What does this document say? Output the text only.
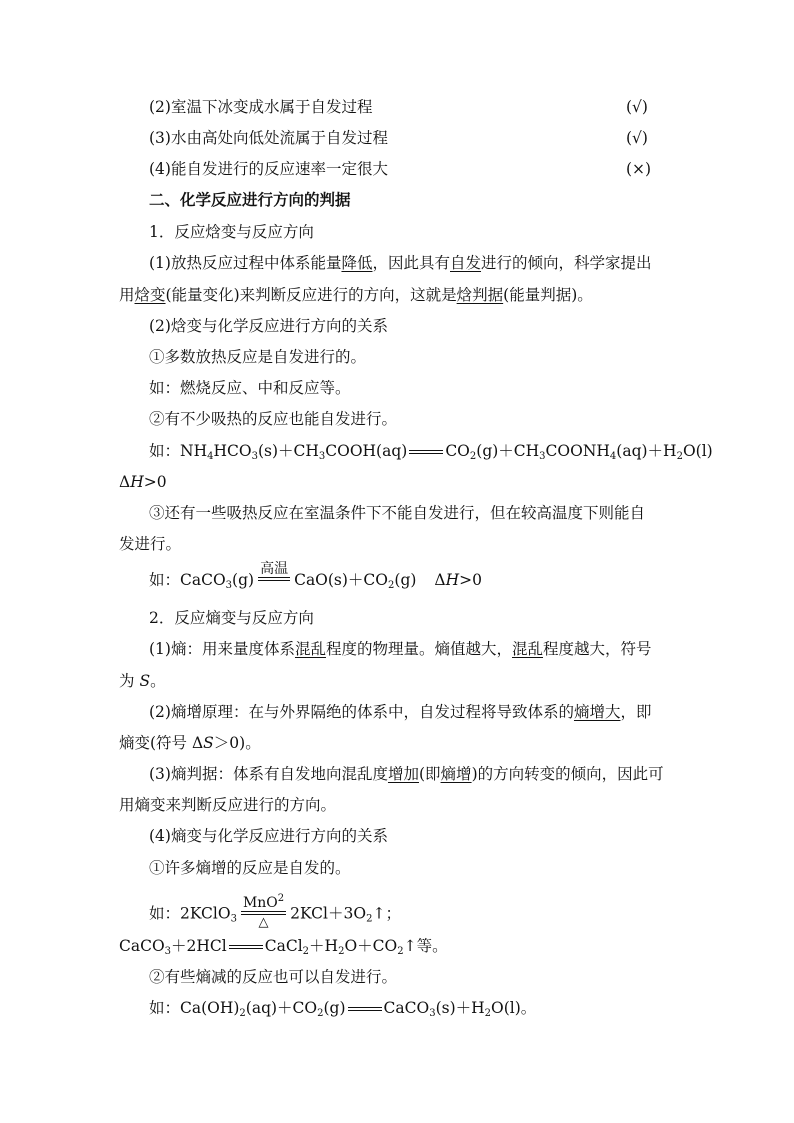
(2)室温下冰变成水属于自发过程	(√)
(3)水由高处向低处流属于自发过程	(√)
(4)能自发进行的反应速率一定很大	(×)
二、化学反应进行方向的判据
1．反应焓变与反应方向
(1)放热反应过程中体系能量降低，因此具有自发进行的倾向，科学家提出
用焓变(能量变化)来判断反应进行的方向，这就是焓判据(能量判据)。
(2)焓变与化学反应进行方向的关系
①多数放热反应是自发进行的。
如：燃烧反应、中和反应等。
②有不少吸热的反应也能自发进行。
如：$NH_4HCO_3(s)+CH_3COOH(aq)$ $CO_2(g)+CH_3COONH_4(aq)+H_2O(l)$
ΔH>0
③还有一些吸热反应在室温条件下不能自发进行，但在较高温度下则能自
发进行。
如：CaCO$_3$(g)
高温
$CaO(s)+CO_2(g)$ ΔH>0
2．反应熵变与反应方向
(1)熵：用来量度体系混乱程度的物理量。熵值越大，混乱程度越大，符号
为 S。
(2)熵增原理：在与外界隔绝的体系中，自发过程将导致体系的熵增大，即
熵变(符号 ΔS＞0)。
(3)熵判据：体系有自发地向混乱度增加(即熵增)的方向转变的倾向，因此可
用熵变来判断反应进行的方向。
(4)熵变与化学反应进行方向的关系
①许多熵增的反应是自发的。
如：2KClO$_3$
MnO$^2$
△	$2KCl+3O_2↑$；
CaCO$_3$＋2HCl $CaCl_2+H_2O+CO_2↑$等。
②有些熵减的反应也可以自发进行。
如：$Ca(OH)_2(aq)+CO_2(g)$ $CaCO_3(s)+H_2O(l)$。
